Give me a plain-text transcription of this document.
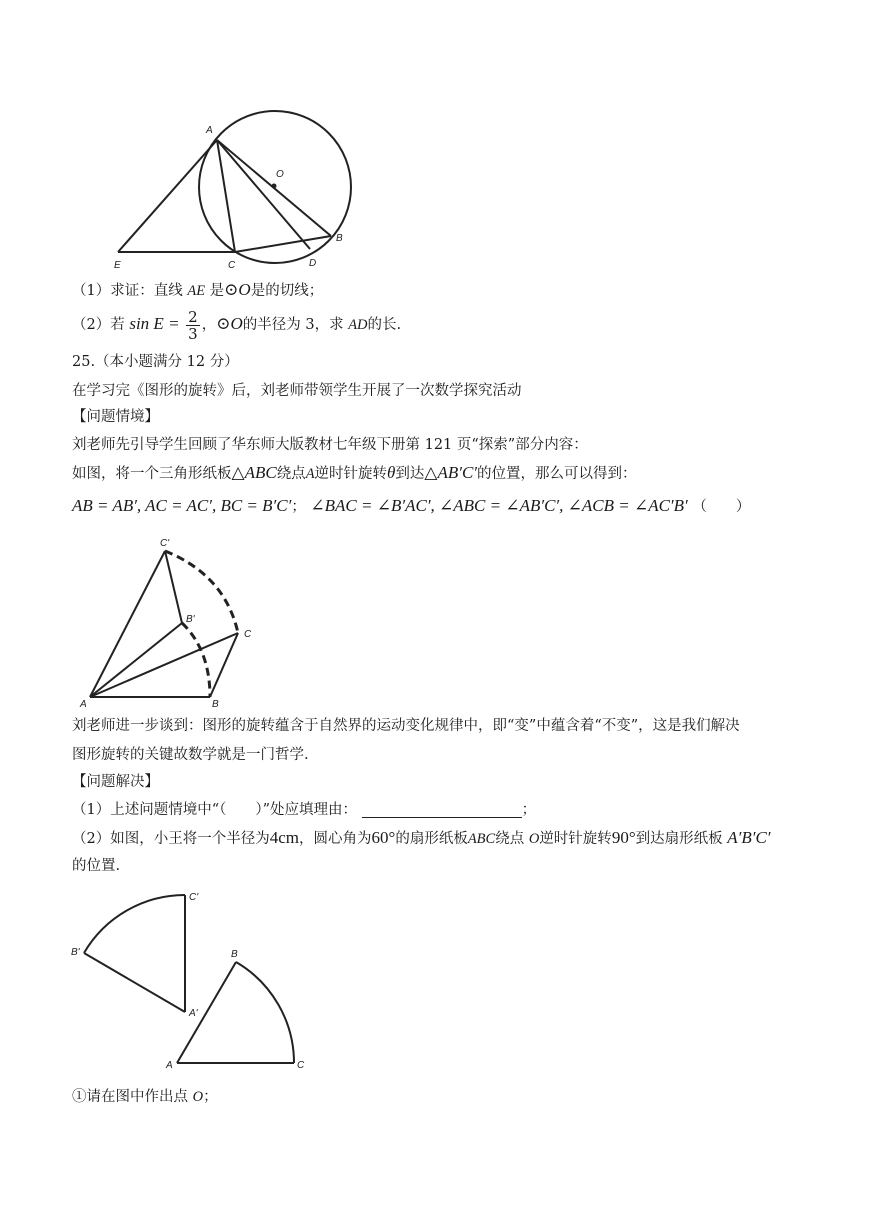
A
O
B
E	C	D
（1）求证：直线 AE 是⊙O是的切线；
（2）若 $\sin E = \frac{2}{3}$ ，⊙O的半径为 3，求 AD的长.
25.（本小题满分 12 分）
在学习完《图形的旋转》后，刘老师带领学生开展了一次数学探究活动
【问题情境】
刘老师先引导学生回顾了华东师大版教材七年级下册第 121 页“探索”部分内容：
如图，将一个三角形纸板△ABC绕点A逆时针旋转θ到达△AB′C′的位置，那么可以得到：
AB = AB′, AC = AC′, BC = B′C′； ∠BAC = ∠B′AC′, ∠ABC = ∠AB′C′, ∠ACB = ∠AC′B′ （　　）
C'
B'
C
A	B
刘老师进一步谈到：图形的旋转蕴含于自然界的运动变化规律中，即“变”中蕴含着“不变”，这是我们解决
图形旋转的关键故数学就是一门哲学.
【问题解决】
（1）上述问题情境中“（　　）”处应填理由：	；
（2）如图，小王将一个半径为4cm，圆心角为60°的扇形纸板ABC绕点 O逆时针旋转90°到达扇形纸板 A′B′C′
的位置.
C'
B
B'
A'
A	C
①请在图中作出点 O；
